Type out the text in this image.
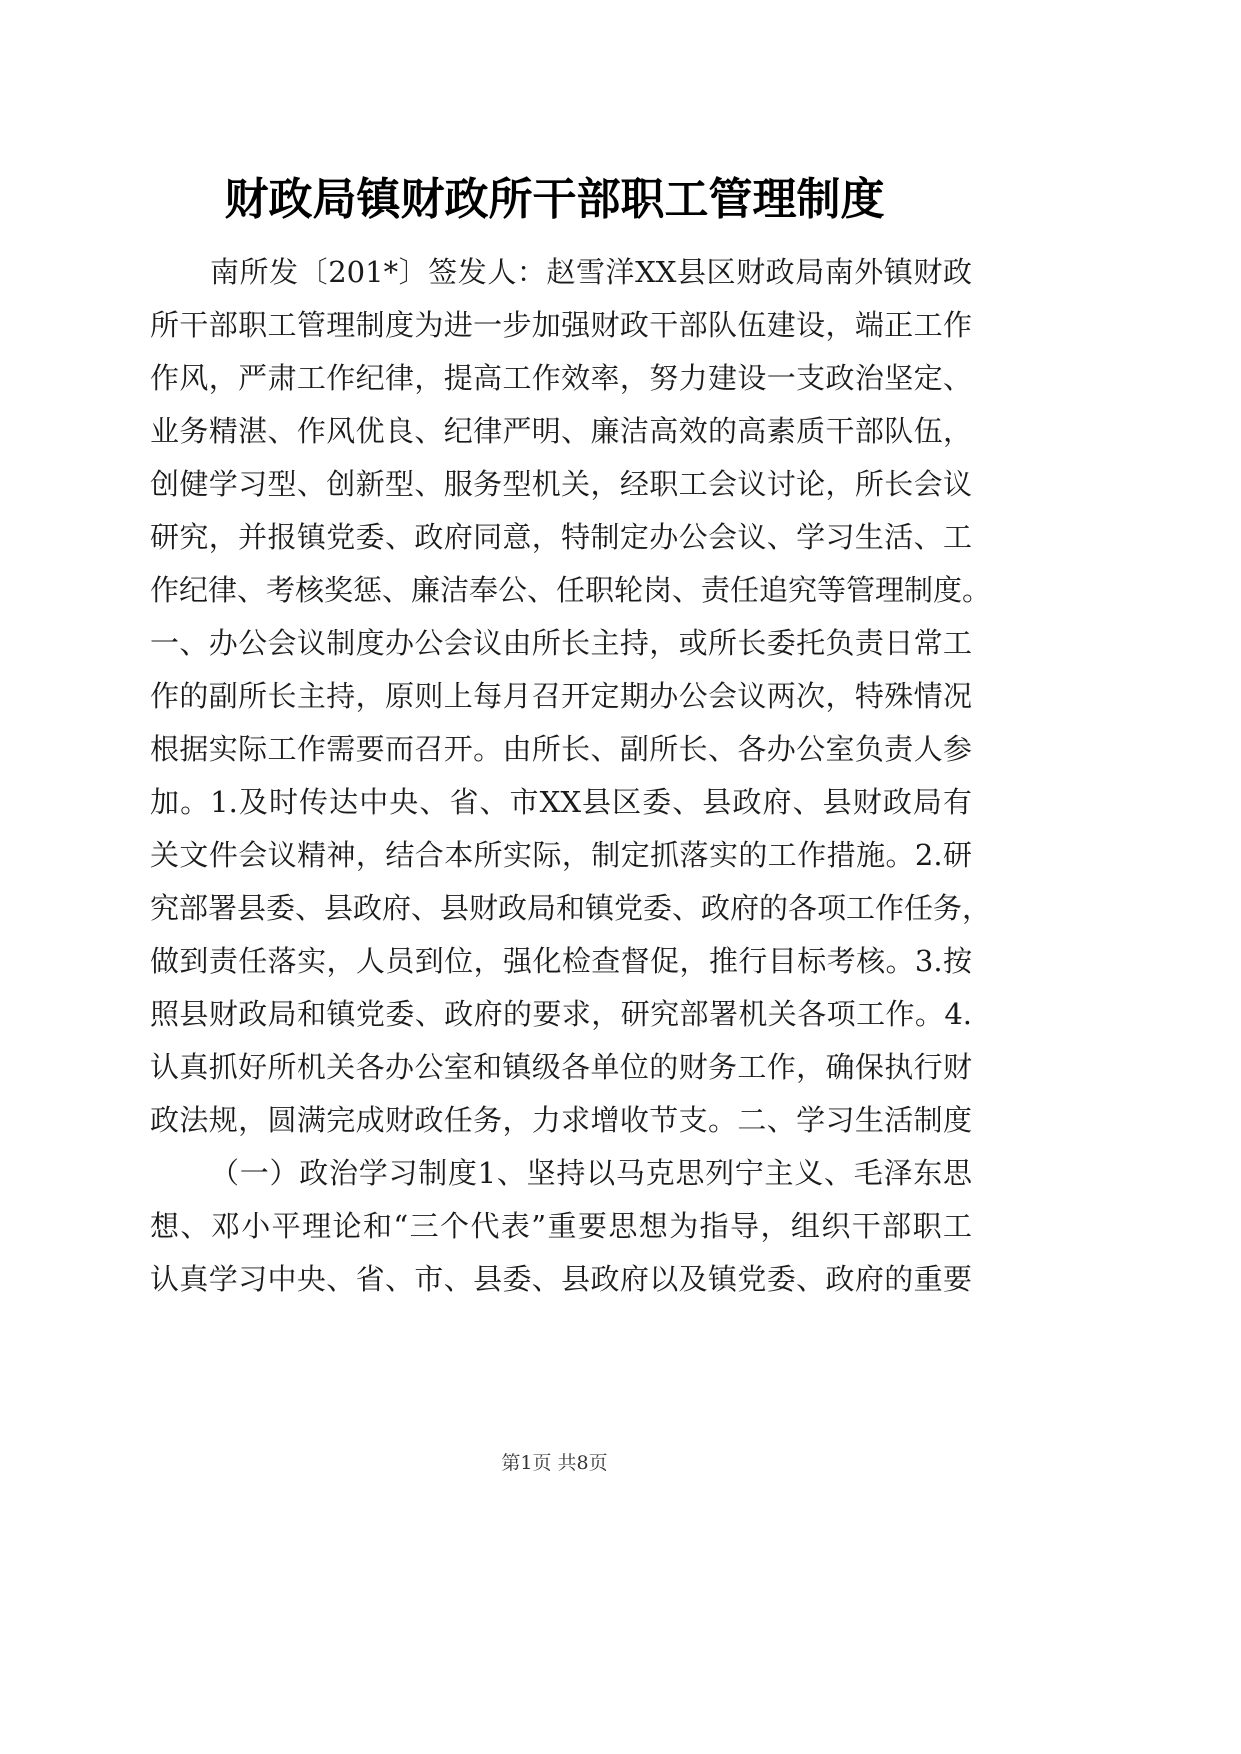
财政局镇财政所干部职工管理制度
南所发〔201*〕签发人：赵雪洋XX县区财政局南外镇财政
所干部职工管理制度为进一步加强财政干部队伍建设，端正工作
作风，严肃工作纪律，提高工作效率，努力建设一支政治坚定、
业务精湛、作风优良、纪律严明、廉洁高效的高素质干部队伍，
创健学习型、创新型、服务型机关，经职工会议讨论，所长会议
研究，并报镇党委、政府同意，特制定办公会议、学习生活、工
作纪律、考核奖惩、廉洁奉公、任职轮岗、责任追究等管理制度。
一、办公会议制度办公会议由所长主持，或所长委托负责日常工
作的副所长主持，原则上每月召开定期办公会议两次，特殊情况
根据实际工作需要而召开。由所长、副所长、各办公室负责人参
加。1.及时传达中央、省、市XX县区委、县政府、县财政局有
关文件会议精神，结合本所实际，制定抓落实的工作措施。2.研
究部署县委、县政府、县财政局和镇党委、政府的各项工作任务，
做到责任落实，人员到位，强化检查督促，推行目标考核。3.按
照县财政局和镇党委、政府的要求，研究部署机关各项工作。4.
认真抓好所机关各办公室和镇级各单位的财务工作，确保执行财
政法规，圆满完成财政任务，力求增收节支。二、学习生活制度
（一）政治学习制度1、坚持以马克思列宁主义、毛泽东思
想、邓小平理论和“三个代表”重要思想为指导，组织干部职工
认真学习中央、省、市、县委、县政府以及镇党委、政府的重要
第1页 共8页
